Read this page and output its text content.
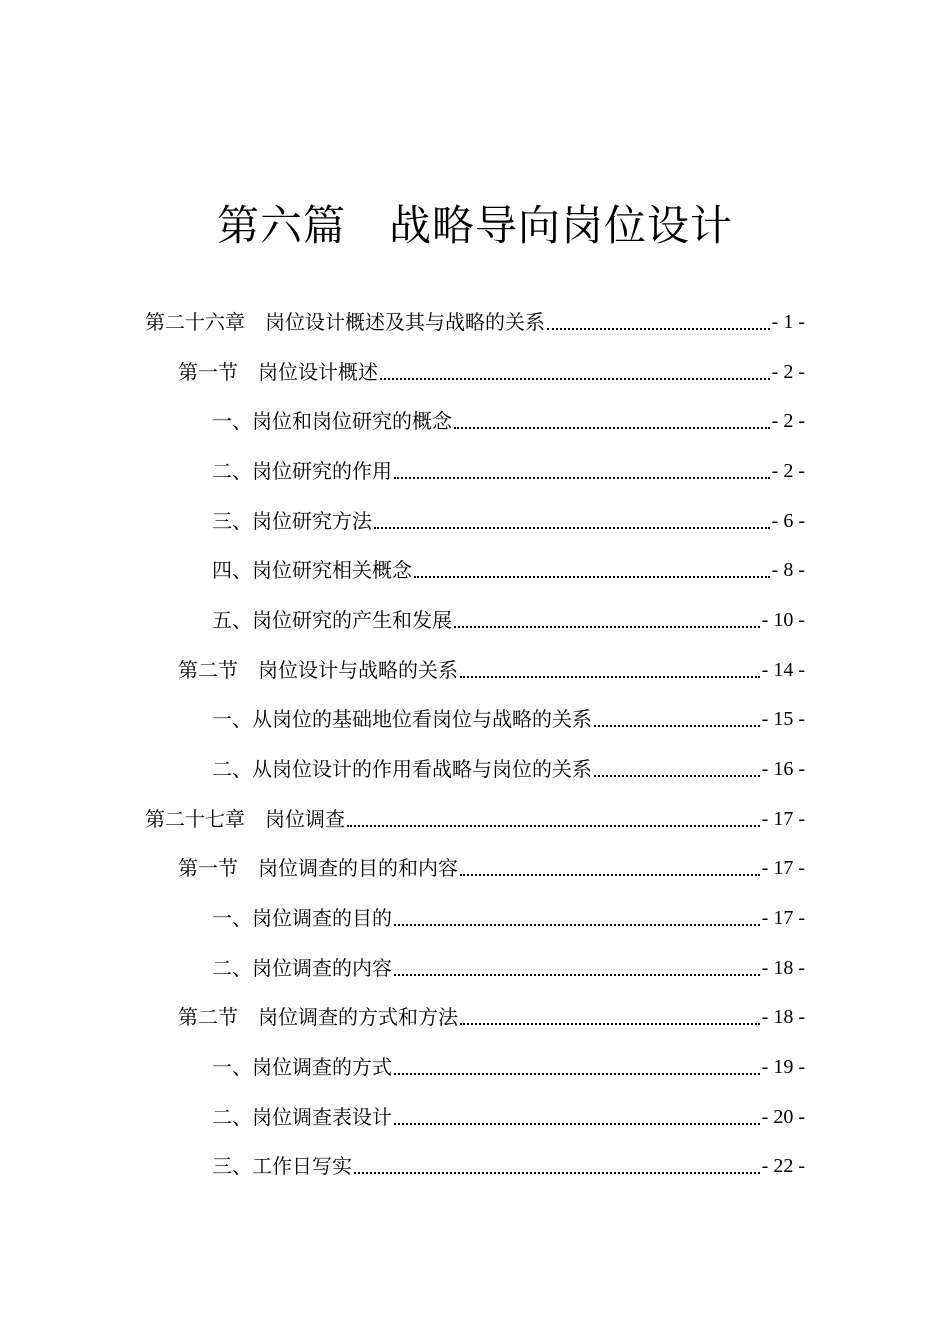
第六篇　战略导向岗位设计
第二十六章　岗位设计概述及其与战略的关系	- 1 -
第一节　岗位设计概述	- 2 -
一、岗位和岗位研究的概念	- 2 -
二、岗位研究的作用	- 2 -
三、岗位研究方法	- 6 -
四、岗位研究相关概念	- 8 -
五、岗位研究的产生和发展	- 10 -
第二节　岗位设计与战略的关系	- 14 -
一、从岗位的基础地位看岗位与战略的关系	- 15 -
二、从岗位设计的作用看战略与岗位的关系	- 16 -
第二十七章　岗位调查	- 17 -
第一节　岗位调查的目的和内容	- 17 -
一、岗位调查的目的	- 17 -
二、岗位调查的内容	- 18 -
第二节　岗位调查的方式和方法	- 18 -
一、岗位调查的方式	- 19 -
二、岗位调查表设计	- 20 -
三、工作日写实	- 22 -
